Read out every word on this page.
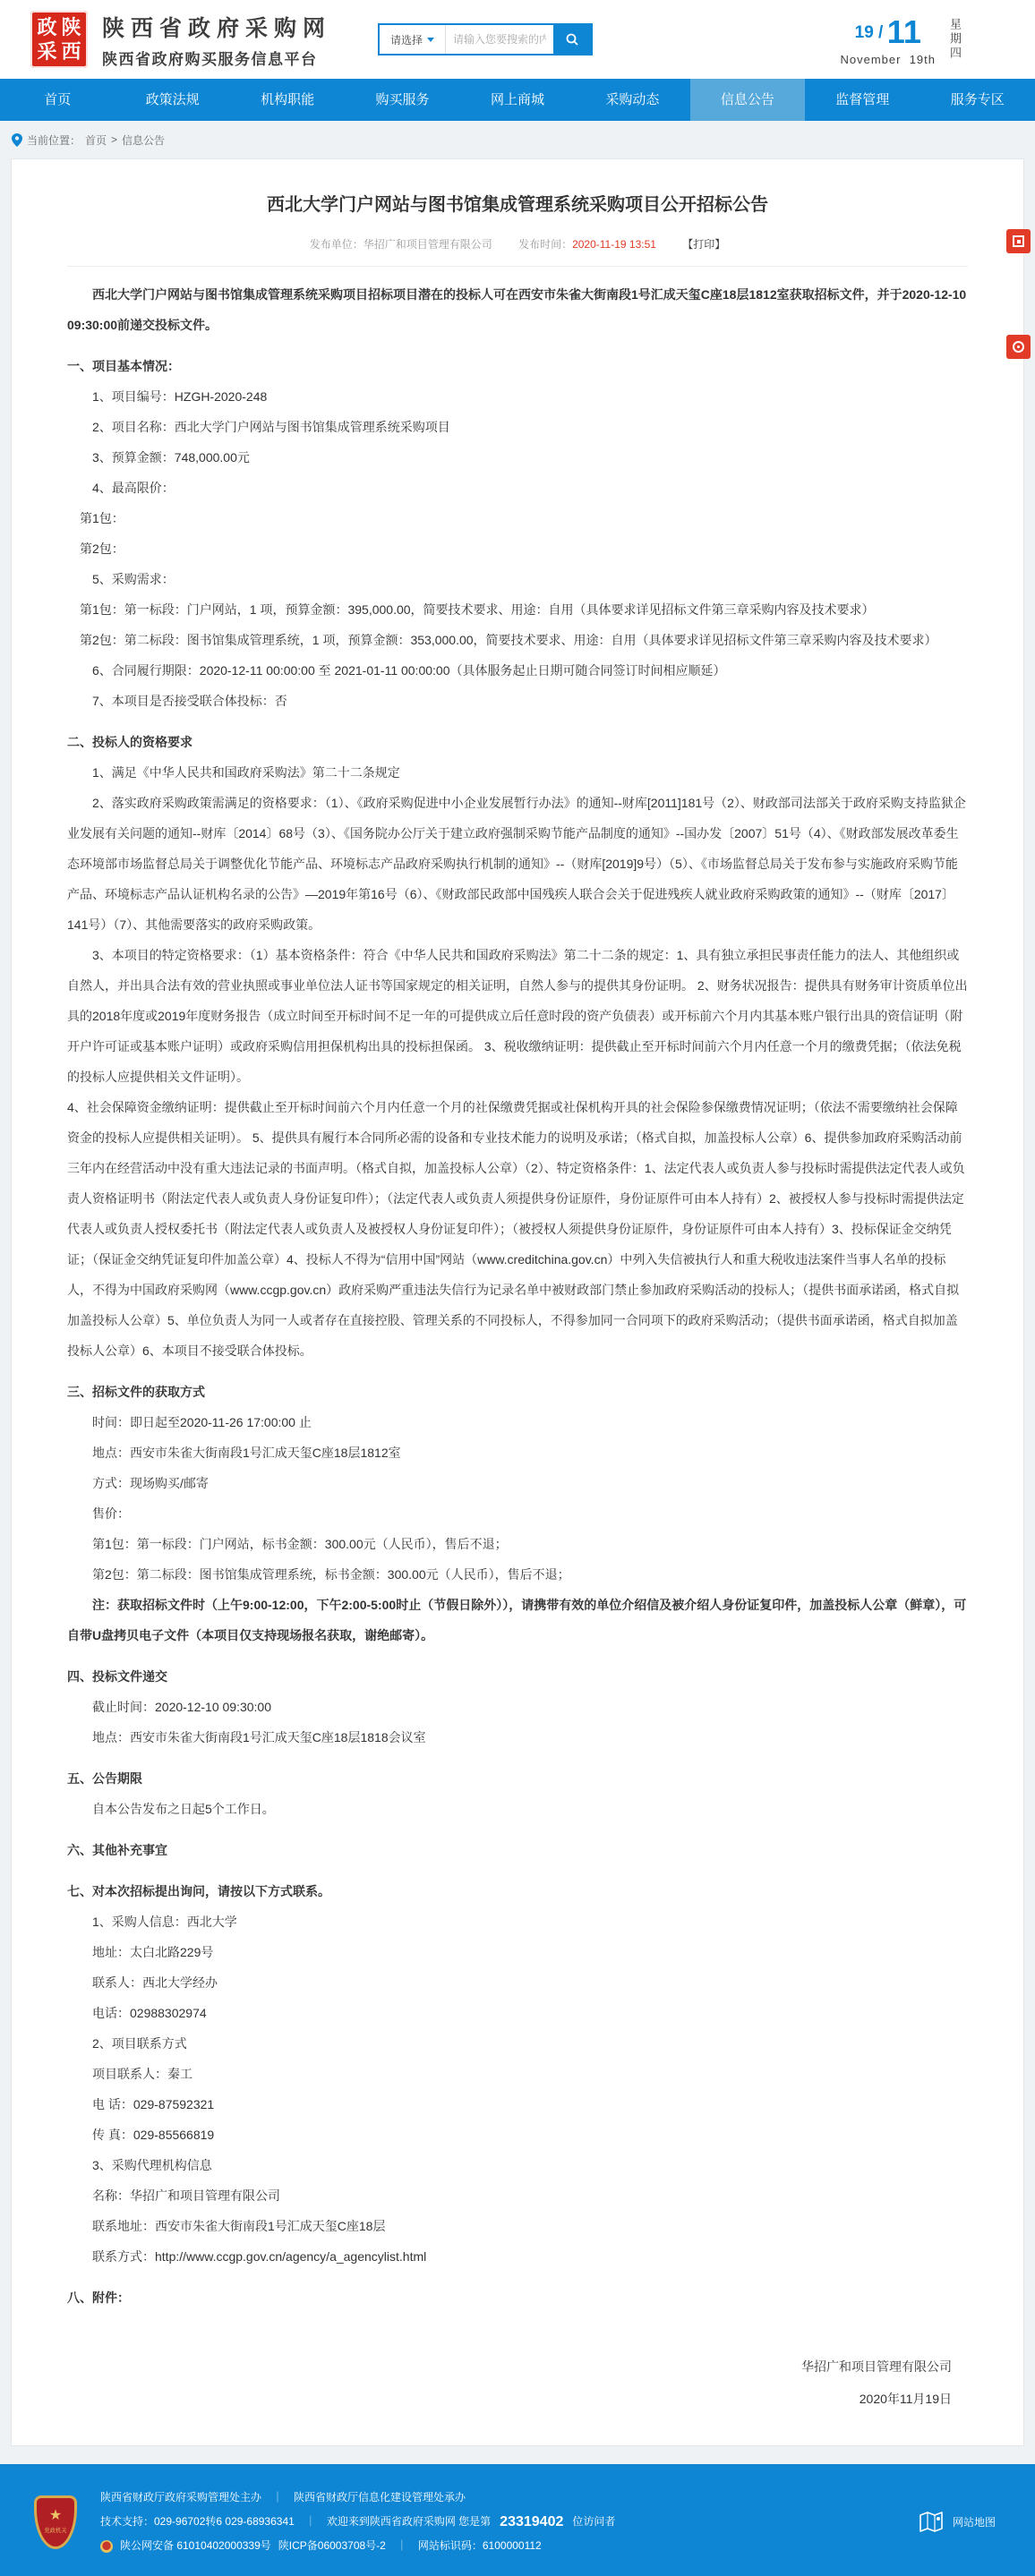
政 陕
采 西
陕西省政府采购网
陕西省政府购买服务信息平台
请选择
请输入您要搜索的内容	19 / 11
November 19th 星期四
首页	政策法规	机构职能	购买服务	网上商城	采购动态	信息公告	监督管理	服务专区
当前位置： 首页 > 信息公告
西北大学门户网站与图书馆集成管理系统采购项目公开招标公告
发布单位：华招广和项目管理有限公司 发布时间：2020-11-19 13:51 【打印】

西北大学门户网站与图书馆集成管理系统采购项目招标项目潜在的投标人可在西安市朱雀大街南段1号汇成天玺C座18层1812室获取招标文件，并于2020-12-10 09:30:00前递交投标文件。

一、项目基本情况：

1、项目编号：HZGH-2020-248

2、项目名称：西北大学门户网站与图书馆集成管理系统采购项目

3、预算金额：748,000.00元

4、最高限价：

第1包：

第2包：

5、采购需求：

第1包：第一标段：门户网站，1 项，预算金额：395,000.00，简要技术要求、用途：自用（具体要求详见招标文件第三章采购内容及技术要求）

第2包：第二标段：图书馆集成管理系统，1 项，预算金额：353,000.00，简要技术要求、用途：自用（具体要求详见招标文件第三章采购内容及技术要求）

6、合同履行期限：2020-12-11 00:00:00 至 2021-01-11 00:00:00（具体服务起止日期可随合同签订时间相应顺延）

7、本项目是否接受联合体投标：否

二、投标人的资格要求

1、满足《中华人民共和国政府采购法》第二十二条规定

2、落实政府采购政策需满足的资格要求：（1）、《政府采购促进中小企业发展暂行办法》的通知--财库[2011]181号（2）、财政部司法部关于政府采购支持监狱企业发展有关问题的通知--财库〔2014〕68号（3）、《国务院办公厅关于建立政府强制采购节能产品制度的通知》--国办发〔2007〕51号（4）、《财政部发展改革委生态环境部市场监督总局关于调整优化节能产品、环境标志产品政府采购执行机制的通知》--（财库[2019]9号）（5）、《市场监督总局关于发布参与实施政府采购节能产品、环境标志产品认证机构名录的公告》—2019年第16号（6）、《财政部民政部中国残疾人联合会关于促进残疾人就业政府采购政策的通知》--（财库〔2017〕141号）（7）、其他需要落实的政府采购政策。

3、本项目的特定资格要求：（1）基本资格条件：符合《中华人民共和国政府采购法》第二十二条的规定：1、具有独立承担民事责任能力的法人、其他组织或自然人，并出具合法有效的营业执照或事业单位法人证书等国家规定的相关证明，自然人参与的提供其身份证明。 2、财务状况报告：提供具有财务审计资质单位出具的2018年度或2019年度财务报告（成立时间至开标时间不足一年的可提供成立后任意时段的资产负债表）或开标前六个月内其基本账户银行出具的资信证明（附开户许可证或基本账户证明）或政府采购信用担保机构出具的投标担保函。 3、税收缴纳证明：提供截止至开标时间前六个月内任意一个月的缴费凭据；（依法免税的投标人应提供相关文件证明）。

4、社会保障资金缴纳证明：提供截止至开标时间前六个月内任意一个月的社保缴费凭据或社保机构开具的社会保险参保缴费情况证明；（依法不需要缴纳社会保障资金的投标人应提供相关证明）。 5、提供具有履行本合同所必需的设备和专业技术能力的说明及承诺；（格式自拟，加盖投标人公章）6、提供参加政府采购活动前三年内在经营活动中没有重大违法记录的书面声明。（格式自拟，加盖投标人公章）（2）、特定资格条件：1、法定代表人或负责人参与投标时需提供法定代表人或负责人资格证明书（附法定代表人或负责人身份证复印件）；（法定代表人或负责人须提供身份证原件，身份证原件可由本人持有）2、被授权人参与投标时需提供法定代表人或负责人授权委托书（附法定代表人或负责人及被授权人身份证复印件）；（被授权人须提供身份证原件，身份证原件可由本人持有）3、投标保证金交纳凭证；（保证金交纳凭证复印件加盖公章）4、投标人不得为“信用中国”网站（www.creditchina.gov.cn）中列入失信被执行人和重大税收违法案件当事人名单的投标人，不得为中国政府采购网（www.ccgp.gov.cn）政府采购严重违法失信行为记录名单中被财政部门禁止参加政府采购活动的投标人；（提供书面承诺函，格式自拟加盖投标人公章）5、单位负责人为同一人或者存在直接控股、管理关系的不同投标人，不得参加同一合同项下的政府采购活动；（提供书面承诺函，格式自拟加盖投标人公章）6、本项目不接受联合体投标。

三、招标文件的获取方式

时间：即日起至2020-11-26 17:00:00 止

地点：西安市朱雀大街南段1号汇成天玺C座18层1812室

方式：现场购买/邮寄

售价：

第1包：第一标段：门户网站，标书金额：300.00元（人民币），售后不退；

第2包：第二标段：图书馆集成管理系统，标书金额：300.00元（人民币），售后不退；

注：获取招标文件时（上午9:00-12:00，下午2:00-5:00时止（节假日除外）），请携带有效的单位介绍信及被介绍人身份证复印件，加盖投标人公章（鲜章），可自带U盘拷贝电子文件（本项目仅支持现场报名获取，谢绝邮寄）。

四、投标文件递交

截止时间：2020-12-10 09:30:00

地点：西安市朱雀大街南段1号汇成天玺C座18层1818会议室

五、公告期限

自本公告发布之日起5个工作日。

六、其他补充事宜

七、对本次招标提出询问，请按以下方式联系。

1、采购人信息：西北大学

地址：太白北路229号

联系人：西北大学经办

电话：02988302974

2、项目联系方式

项目联系人：秦工

电 话：029-87592321

传 真：029-85566819

3、采购代理机构信息

名称：华招广和项目管理有限公司

联系地址：西安市朱雀大街南段1号汇成天玺C座18层

联系方式：http://www.ccgp.gov.cn/agency/a_agencylist.html

八、附件：

华招广和项目管理有限公司
2020年11月19日
★
党政机关
陕西省财政厅政府采购管理处主办	｜	陕西省财政厅信息化建设管理处承办
技术支持：029-96702转6 029-68936341	｜	欢迎来到陕西省政府采购网 您是第 23319402 位访问者
陕公网安备 61010402000339号 陕ICP备06003708号-2	｜	网站标识码：6100000112
网站地图
